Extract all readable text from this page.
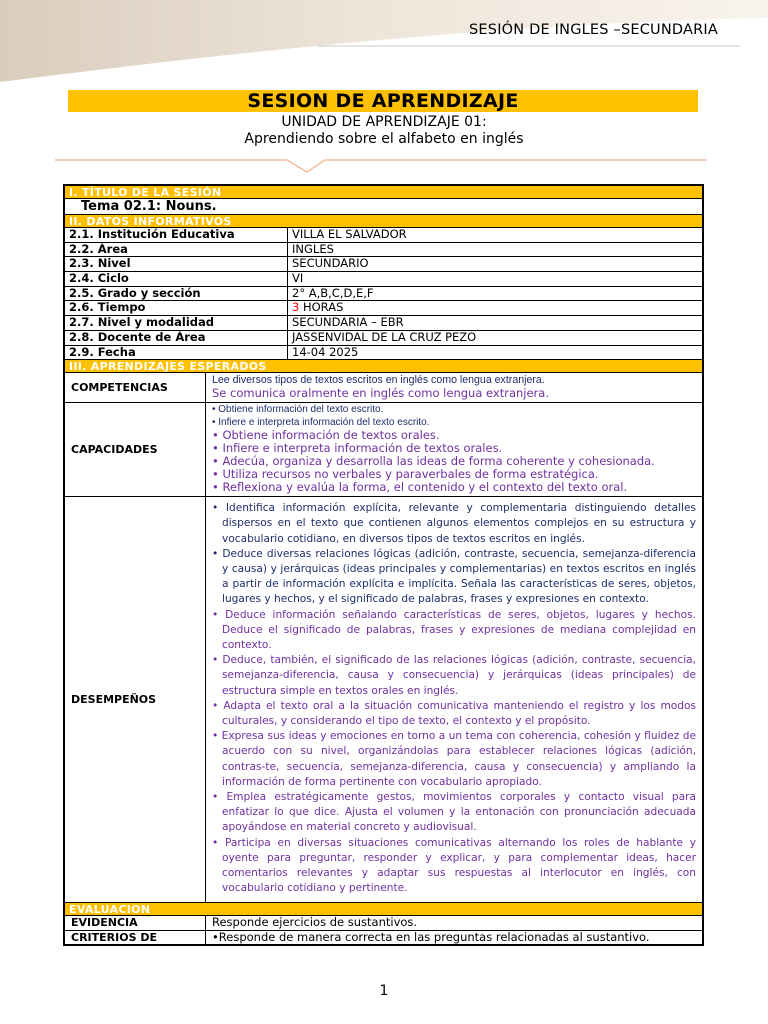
SESIÓN DE INGLES –SECUNDARIA
SESION DE APRENDIZAJE
UNIDAD DE APRENDIZAJE 01:
Aprendiendo sobre el alfabeto en inglés
I. TÍTULO DE LA SESIÓN
Tema 02.1: Nouns.
II. DATOS INFORMATIVOS
2.1. Institución Educativa	VILLA EL SALVADOR
2.2. Área	INGLES
2.3. Nivel	SECUNDARIO
2.4. Ciclo	VI
2.5. Grado y sección	2° A,B,C,D,E,F
2.6. Tiempo	3 HORAS
2.7. Nivel y modalidad	SECUNDARIA – EBR
2.8. Docente de Área	JASSENVIDAL DE LA CRUZ PEZO
2.9. Fecha	14-04 2025
III. APRENDIZAJES ESPERADOS
COMPETENCIAS
Lee diversos tipos de textos escritos en inglés como lengua extranjera.
Se comunica oralmente en inglés como lengua extranjera.
CAPACIDADES
• Obtiene información del texto escrito.
• Infiere e interpreta información del texto escrito.
• Obtiene información de textos orales.
• Infiere e interpreta información de textos orales.
• Adecúa, organiza y desarrolla las ideas de forma coherente y cohesionada.
• Utiliza recursos no verbales y paraverbales de forma estratégica.
• Reflexiona y evalúa la forma, el contenido y el contexto del texto oral.
DESEMPEÑOS
• Identifica información explícita, relevante y complementaria distinguiendo detalles dispersos en el texto que contienen algunos elementos complejos en su estructura y vocabulario cotidiano, en diversos tipos de textos escritos en inglés.
• Deduce diversas relaciones lógicas (adición, contraste, secuencia, semejanza-diferencia y causa) y jerárquicas (ideas principales y complementarias) en textos escritos en inglés a partir de información explícita e implícita. Señala las características de seres, objetos, lugares y hechos, y el significado de palabras, frases y expresiones en contexto.
• Deduce información señalando características de seres, objetos, lugares y hechos. Deduce el significado de palabras, frases y expresiones de mediana complejidad en contexto.
• Deduce, también, el significado de las relaciones lógicas (adición, contraste, secuencia, semejanza-diferencia, causa y consecuencia) y jerárquicas (ideas principales) de estructura simple en textos orales en inglés.
• Adapta el texto oral a la situación comunicativa manteniendo el registro y los modos culturales, y considerando el tipo de texto, el contexto y el propósito.
• Expresa sus ideas y emociones en torno a un tema con coherencia, cohesión y fluidez de acuerdo con su nivel, organizándolas para establecer relaciones lógicas (adición, contras-te, secuencia, semejanza-diferencia, causa y consecuencia) y ampliando la información de forma pertinente con vocabulario apropiado.
• Emplea estratégicamente gestos, movimientos corporales y contacto visual para enfatizar lo que dice. Ajusta el volumen y la entonación con pronunciación adecuada apoyándose en material concreto y audiovisual.
• Participa en diversas situaciones comunicativas alternando los roles de hablante y oyente para preguntar, responder y explicar, y para complementar ideas, hacer comentarios relevantes y adaptar sus respuestas al interlocutor en inglés, con vocabulario cotidiano y pertinente.
EVALUACION
EVIDENCIA	Responde ejercicios de sustantivos.
CRITERIOS DE	•Responde de manera correcta en las preguntas relacionadas al sustantivo.
1
